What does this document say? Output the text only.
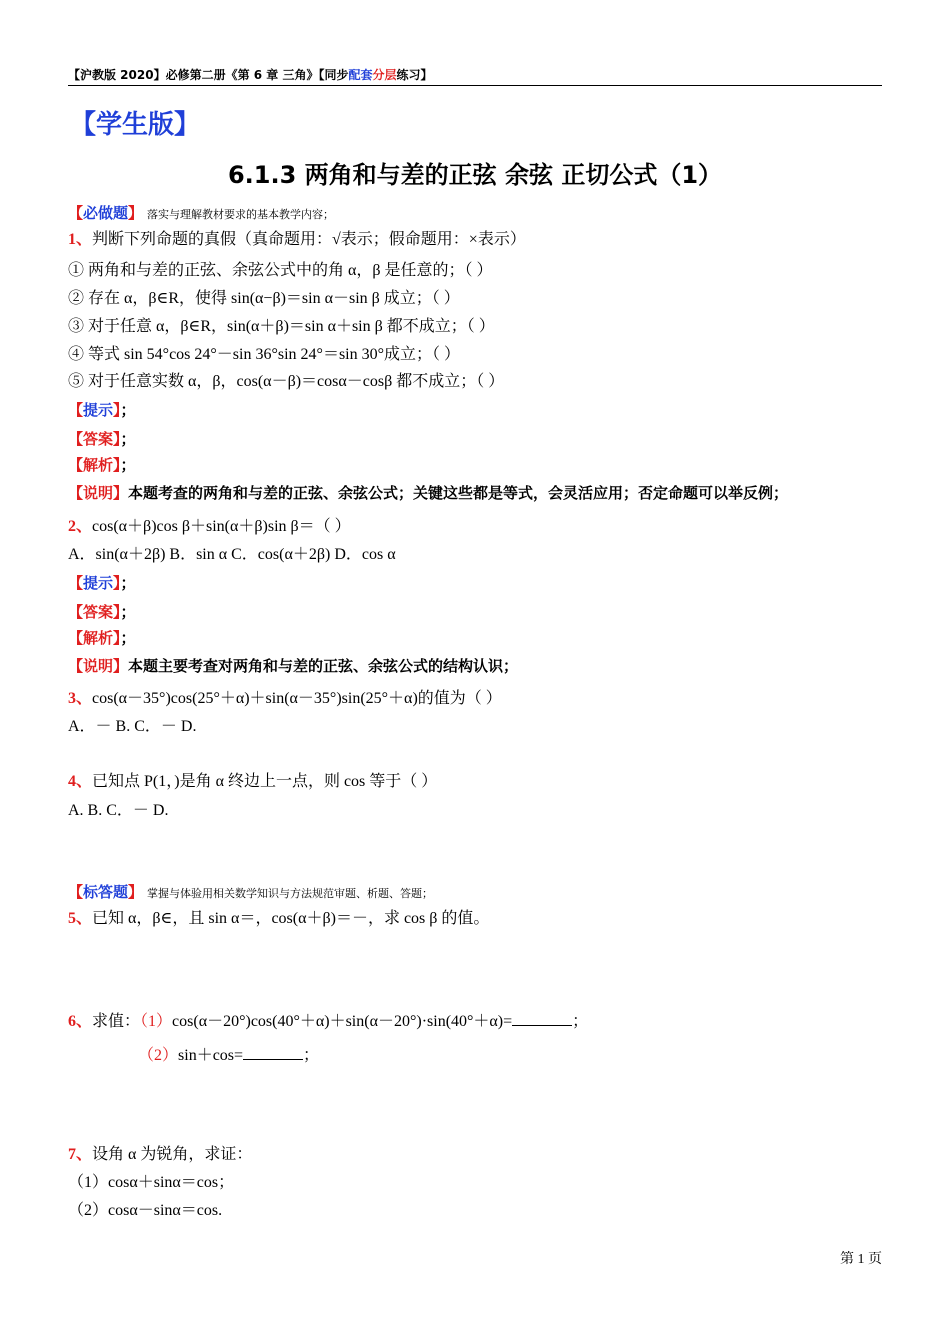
【沪教版 2020】必修第二册《第 6 章 三角》【同步配套分层练习】
【学生版】
6.1.3 两角和与差的正弦 余弦 正切公式（1）
【必做题】 落实与理解教材要求的基本教学内容；
1、判断下列命题的真假（真命题用：√表示；假命题用：×表示）
① 两角和与差的正弦、余弦公式中的角 α，β 是任意的；（ ）
② 存在 α，β∈R，使得 sin(α−β)＝sin α－sin β 成立；（ ）
③ 对于任意 α，β∈R，sin(α＋β)＝sin α＋sin β 都不成立；（ ）
④ 等式 sin 54°cos 24°－sin 36°sin 24°＝sin 30°成立；（ ）
⑤ 对于任意实数 α，β，cos(α－β)＝cosα－cosβ 都不成立；（ ）
【提示】；
【答案】；
【解析】；
【说明】本题考查的两角和与差的正弦、余弦公式；关键这些都是等式，会灵活应用；否定命题可以举反例；
2、cos(α＋β)cos β＋sin(α＋β)sin β＝（ ）
A．sin(α＋2β) B．sin α C．cos(α＋2β) D．cos α
【提示】；
【答案】；
【解析】；
【说明】本题主要考查对两角和与差的正弦、余弦公式的结构认识；
3、cos(α－35°)cos(25°＋α)＋sin(α－35°)sin(25°＋α)的值为（ ）
A．－ B. C．－ D.
4、已知点 P(1，)是角 α 终边上一点，则 cos 等于（ ）
A. B. C．－ D.
【标答题】 掌握与体验用相关数学知识与方法规范审题、析题、答题；
5、已知 α，β∈，且 sin α＝，cos(α＋β)＝－，求 cos β 的值。
6、求值：（1）cos(α－20°)cos(40°＋α)＋sin(α－20°)·sin(40°＋α)=	；
（2）sin＋cos=	；
7、设角 α 为锐角，求证：
（1）cosα＋sinα＝cos；
（2）cosα－sinα＝cos.
第 1 页
